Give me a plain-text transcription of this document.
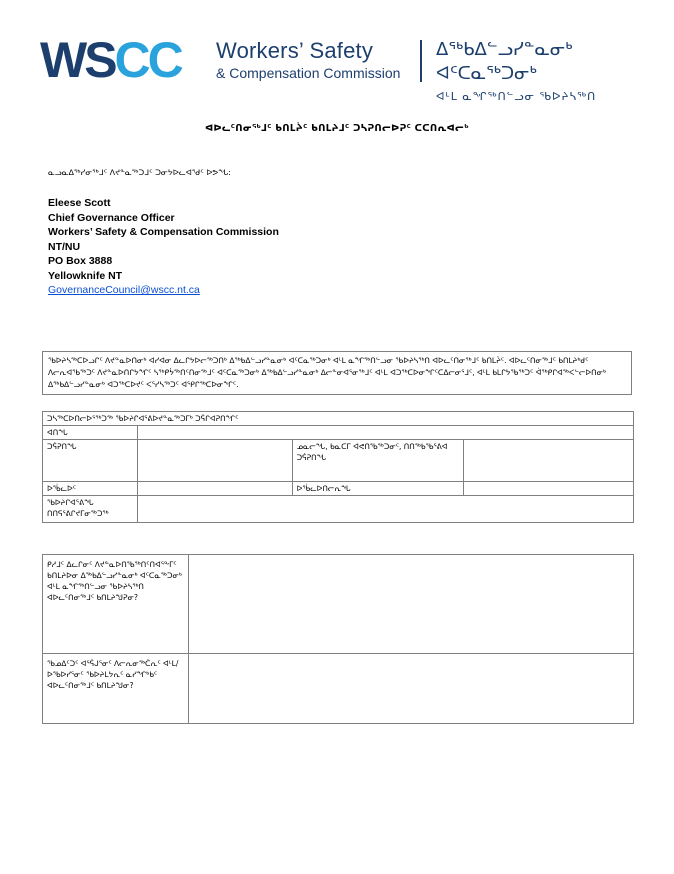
WSCC Workers’ Safety
& Compensation Commission
ᐃᖅᑲᐃᓪᓗᓯᓐᓇᓂᒃ ᐊᑦᑕᓇᖅᑐᓂᒃ
ᐊᒻᒪ ᓇᖏᖅᑎᓪᓗᓂ ᖃᐅᔨᓴᖅᑎ
ᐊᐅᓚᑦᑎᓂᖅᒧᑦ ᑲᑎᒪᔩᑦ ᑲᑎᒪᔨᒧᑦ ᑐᓴᕈᑎᓕᐅᕈᑦ ᑕᑕᑎᕆᐊᓕᒃ
ᓇᓗᓇᐃᖅᓯᓂᖅᒧᑦ ᐱᔪᓐᓇᖅᑐᒧᑦ ᑐᓂᔭᐅᓚᐊᖁᑦ ᐅᕗᖓ:
Eleese Scott
Chief Governance Officer
Workers’ Safety & Compensation Commission
NT/NU
PO Box 3888
Yellowknife NT
GovernanceCouncil@wscc.nt.ca
ᖃᐅᔨᓴᖅᑕᐅᓗᒋᑦ ᐱᔪᓐᓇᐅᑎᓂᒃ ᐊᓯᐊᓂ ᐃᓚᒋᔭᐅᓕᖅᑐᑎᒃ ᐃᖅᑲᐃᓪᓗᓯᓐᓇᓂᒃ ᐊᑦᑕᓇᖅᑐᓂᒃ ᐊᒻᒪ ᓇᖏᖅᑎᓪᓗᓂ ᖃᐅᔨᓴᖅᑎ ᐊᐅᓚᑦᑎᓂᖅᒧᑦ ᑲᑎᒪᔩᑦ. ᐊᐅᓚᑦᑎᓂᖅᒧᑦ ᑲᑎᒪᔨᒃᑯᑦ ᐱᓕᕆᐊᖃᖅᑐᑦ ᐱᔪᓐᓇᐅᑎᒋᔭᖏᑦ ᓴᖅᑭᔮᖅᑎᑦᑎᓂᖅᒧᑦ ᐊᑦᑕᓇᖅᑐᓂᒃ ᐃᖅᑲᐃᓪᓗᓯᓐᓇᓂᒃ ᐃᓕᓐᓂᐊᕐᓂᖅᒧᑦ ᐊᒻᒪ ᐊᑐᖅᑕᐅᓂᖏᑦᑕᐃᓕᓂᕐᒧᑦ, ᐊᒻᒪ ᑲᒪᒋᔭᖃᖅᑐᑦ ᐋᖅᑭᒋᐊᖅᐸᓪᓕᐅᑎᓂᒃ ᐃᖅᑲᐃᓪᓗᓯᓐᓇᓂᒃ ᐊᑐᖅᑕᐅᔪᑦ ᐸᕐᓯᓴᖅᑐᑦ ᐊᕿᒋᖅᑕᐅᓂᖏᑦ.
ᑐᓴᖅᑕᐅᑎᓕᐅᕐᖅᑐᖅ ᖃᐅᔨᒋᐊᕐᕕᐅᔪᓐᓇᖅᑐᒥᒃ ᑐᕌᒋᐊᕈᑎᖏᑦ			
ᐊᑎᖓ			
ᑐᕌᕈᑎᖓ		ᓄᓇᓕᖓ, ᑲᓇᑕᒥ ᐊᕙᑎᖃᖅᑐᓂᑦ, ᑎᑎᖅᑲᖃᕐᕕᐊ ᑐᕌᕈᑎᖓ	
ᐅᖄᓚᐅᑦ		ᐅᖄᓚᐅᑎᓕᕆᖓ	
ᖃᐅᔨᒋᐊᕐᕕᖓ ᑎᑎᕋᕐᕕᒋᔪᒥᓂᖅᑐᖅ			
ᑭᓱᒧᑦ ᐃᓚᒋᓂᑦ ᐱᔪᓐᓇᐅᑎᖃᖅᑎᑦᑎᐊᕐᖕᒥᑦ ᑲᑎᒪᔨᐅᓂ ᐃᖅᑲᐃᓪᓗᓯᓐᓇᓂᒃ ᐊᑦᑕᓇᖅᑐᓂᒃ ᐊᒻᒪ ᓇᖏᖅᑎᓪᓗᓂ ᖃᐅᔨᓴᖅᑎ ᐊᐅᓚᑦᑎᓂᖅᒧᑦ ᑲᑎᒪᔨᖑᕈᓂ?	
ᖃᓄᐃᑦᑐᑦ ᐊᕐᕌᒍᕐᓂᑦ ᐱᓕᕆᓂᖅᑖᕆᑦ ᐊᒻᒪ/ᐅᖃᐅᓯᕐᓂᑦ ᖃᐅᔨᒪᔭᕆᑦ ᓇᓯᖏᒃᑲᑦ ᐊᐅᓚᑦᑎᓂᖅᒧᑦ ᑲᑎᒪᔨᖑᓂ?	
